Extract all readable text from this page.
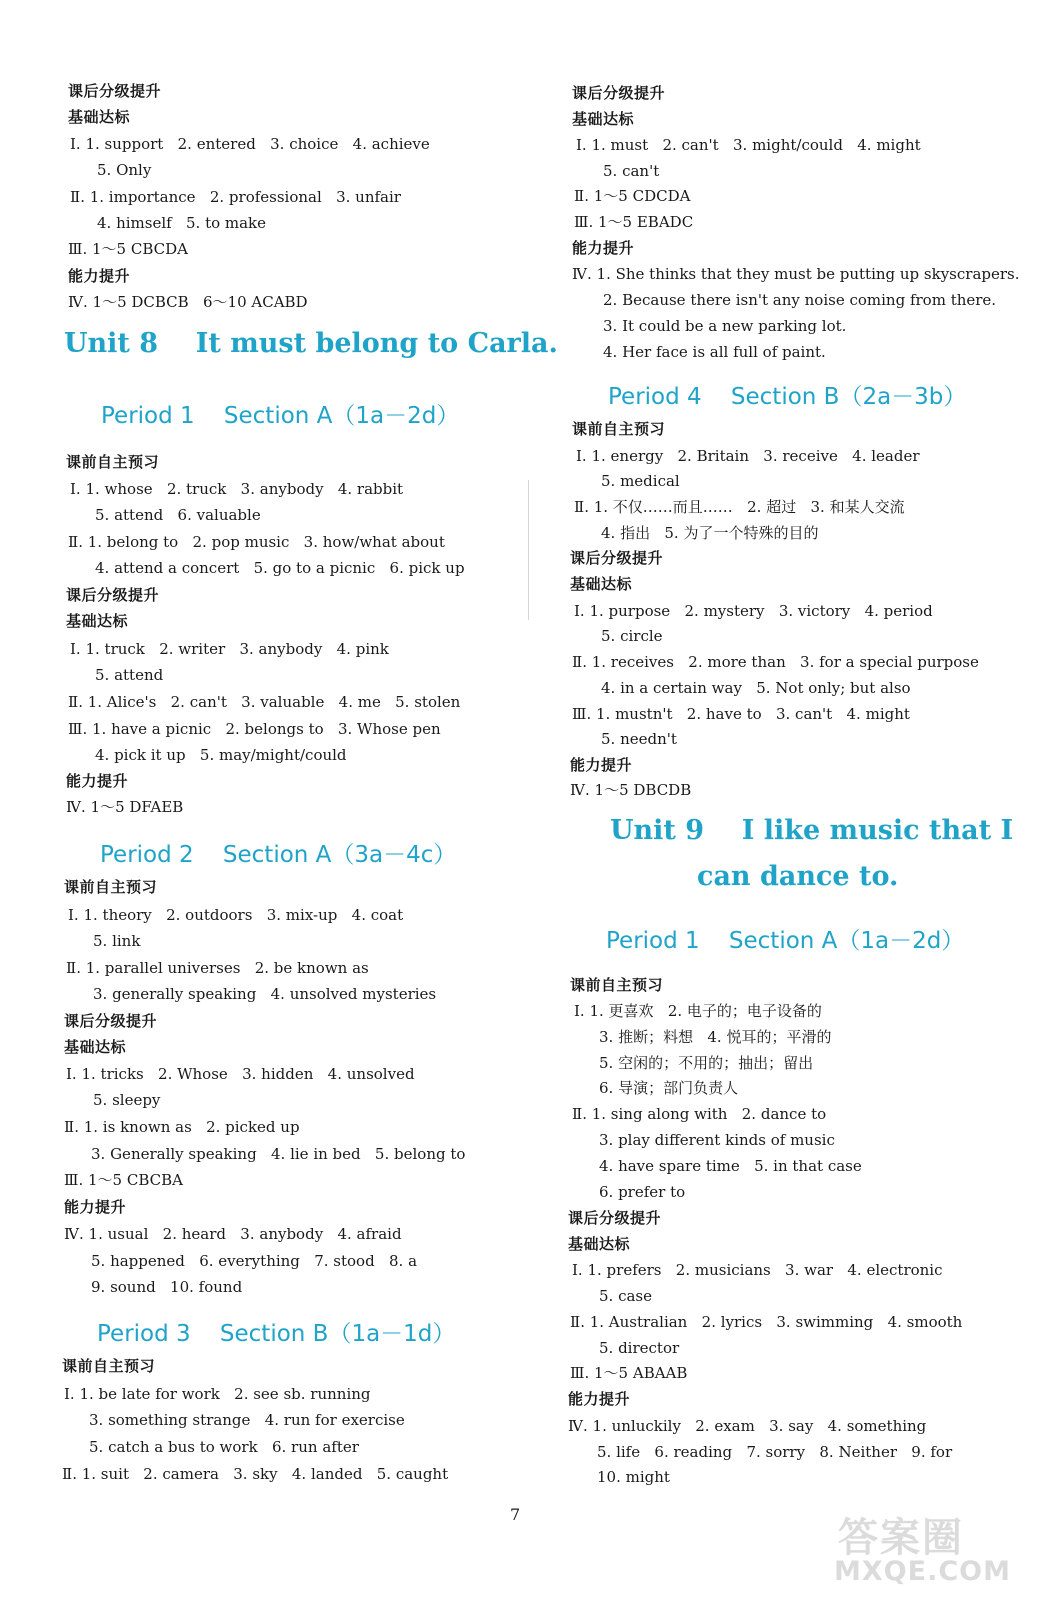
课后分级提升
基础达标
Ⅰ. 1. support   2. entered   3. choice   4. achieve
5. Only
Ⅱ. 1. importance   2. professional   3. unfair
4. himself   5. to make
Ⅲ. 1～5 CBCDA
能力提升
Ⅳ. 1～5 DCBCB   6～10 ACABD
Unit 8    It must belong to Carla.
Period 1    Section A（1a－2d）
课前自主预习
Ⅰ. 1. whose   2. truck   3. anybody   4. rabbit
5. attend   6. valuable
Ⅱ. 1. belong to   2. pop music   3. how/what about
4. attend a concert   5. go to a picnic   6. pick up
课后分级提升
基础达标
Ⅰ. 1. truck   2. writer   3. anybody   4. pink
5. attend
Ⅱ. 1. Alice's   2. can't   3. valuable   4. me   5. stolen
Ⅲ. 1. have a picnic   2. belongs to   3. Whose pen
4. pick it up   5. may/might/could
能力提升
Ⅳ. 1～5 DFAEB
Period 2    Section A（3a－4c）
课前自主预习
Ⅰ. 1. theory   2. outdoors   3. mix-up   4. coat
5. link
Ⅱ. 1. parallel universes   2. be known as
3. generally speaking   4. unsolved mysteries
课后分级提升
基础达标
Ⅰ. 1. tricks   2. Whose   3. hidden   4. unsolved
5. sleepy
Ⅱ. 1. is known as   2. picked up
3. Generally speaking   4. lie in bed   5. belong to
Ⅲ. 1～5 CBCBA
能力提升
Ⅳ. 1. usual   2. heard   3. anybody   4. afraid
5. happened   6. everything   7. stood   8. a
9. sound   10. found
Period 3    Section B（1a－1d）
课前自主预习
Ⅰ. 1. be late for work   2. see sb. running
3. something strange   4. run for exercise
5. catch a bus to work   6. run after
Ⅱ. 1. suit   2. camera   3. sky   4. landed   5. caught
课后分级提升
基础达标
Ⅰ. 1. must   2. can't   3. might/could   4. might
5. can't
Ⅱ. 1～5 CDCDA
Ⅲ. 1～5 EBADC
能力提升
Ⅳ. 1. She thinks that they must be putting up skyscrapers.
2. Because there isn't any noise coming from there.
3. It could be a new parking lot.
4. Her face is all full of paint.
Period 4    Section B（2a－3b）
课前自主预习
Ⅰ. 1. energy   2. Britain   3. receive   4. leader
5. medical
Ⅱ. 1. 不仅……而且……   2. 超过   3. 和某人交流
4. 指出   5. 为了一个特殊的目的
课后分级提升
基础达标
Ⅰ. 1. purpose   2. mystery   3. victory   4. period
5. circle
Ⅱ. 1. receives   2. more than   3. for a special purpose
4. in a certain way   5. Not only; but also
Ⅲ. 1. mustn't   2. have to   3. can't   4. might
5. needn't
能力提升
Ⅳ. 1～5 DBCDB
Unit 9    I like music that I
can dance to.
Period 1    Section A（1a－2d）
课前自主预习
Ⅰ. 1. 更喜欢   2. 电子的；电子设备的
3. 推断；料想   4. 悦耳的；平滑的
5. 空闲的；不用的；抽出；留出
6. 导演；部门负责人
Ⅱ. 1. sing along with   2. dance to
3. play different kinds of music
4. have spare time   5. in that case
6. prefer to
课后分级提升
基础达标
Ⅰ. 1. prefers   2. musicians   3. war   4. electronic
5. case
Ⅱ. 1. Australian   2. lyrics   3. swimming   4. smooth
5. director
Ⅲ. 1～5 ABAAB
能力提升
Ⅳ. 1. unluckily   2. exam   3. say   4. something
5. life   6. reading   7. sorry   8. Neither   9. for
10. might
7
答案圈
MXQE.COM
